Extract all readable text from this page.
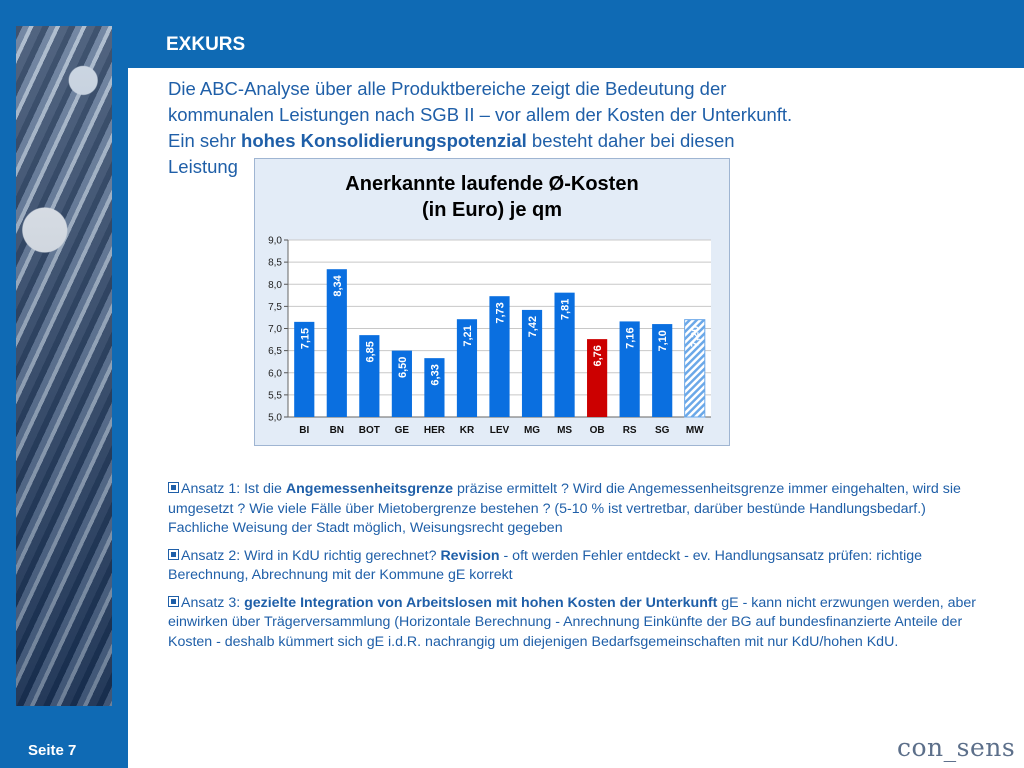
EXKURS
Die ABC-Analyse über alle Produktbereiche zeigt die Bedeutung der
kommunalen Leistungen nach SGB II – vor allem der Kosten der Unterkunft.
Ein sehr hohes Konsolidierungspotenzial besteht daher bei diesen
Leistung
Anerkannte laufende Ø-Kosten
(in Euro) je qm
5,0
5,5
6,0
6,5
7,0
7,5
8,0
8,5
9,0
7,15
BI
8,34
BN
6,85
BOT
6,50
GE
6,33
HER
7,21
KR
7,73
LEV
7,42
MG
7,81
MS
6,76
OB
7,16
RS
7,10
SG
7,20
MW
Ansatz 1: Ist die Angemessenheitsgrenze präzise ermittelt ? Wird die Angemessenheitsgrenze immer eingehalten, wird sie umgesetzt ? Wie viele Fälle über Mietobergrenze bestehen ? (5-10 % ist vertretbar, darüber bestünde Handlungsbedarf.) Fachliche Weisung der Stadt möglich, Weisungsrecht gegeben
Ansatz 2: Wird in KdU richtig gerechnet? Revision - oft werden Fehler entdeckt - ev. Handlungsansatz prüfen: richtige Berechnung, Abrechnung mit der Kommune gE korrekt
Ansatz 3: gezielte Integration von Arbeitslosen mit hohen Kosten der Unterkunft gE - kann nicht erzwungen werden, aber einwirken über Trägerversammlung (Horizontale Berechnung - Anrechnung Einkünfte der BG auf bundesfinanzierte Anteile der Kosten - deshalb kümmert sich gE i.d.R. nachrangig um diejenigen Bedarfsgemeinschaften mit nur KdU/hohen KdU.
Seite 7	con_sens
